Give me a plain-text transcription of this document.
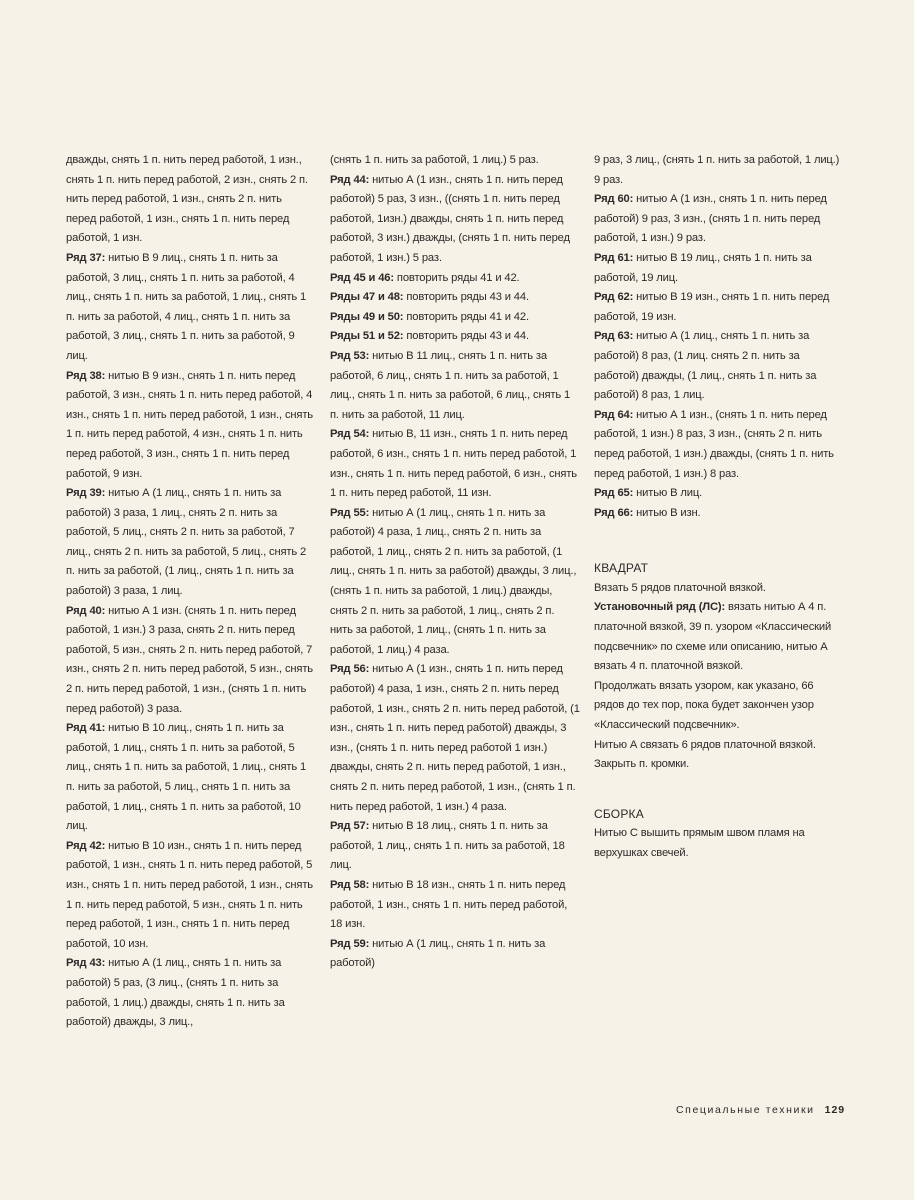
дважды, снять 1 п. нить перед работой, 1 изн., снять 1 п. нить перед работой, 2 изн., снять 2 п. нить перед работой, 1 изн., снять 2 п. нить перед работой, 1 изн., снять 1 п. нить перед работой, 1 изн.

Ряд 37: нитью В 9 лиц., снять 1 п. нить за работой, 3 лиц., снять 1 п. нить за работой, 4 лиц., снять 1 п. нить за работой, 1 лиц., снять 1 п. нить за работой, 4 лиц., снять 1 п. нить за работой, 3 лиц., снять 1 п. нить за работой, 9 лиц.

Ряд 38: нитью В 9 изн., снять 1 п. нить перед работой, 3 изн., снять 1 п. нить перед работой, 4 изн., снять 1 п. нить перед работой, 1 изн., снять 1 п. нить перед работой, 4 изн., снять 1 п. нить перед работой, 3 изн., снять 1 п. нить перед работой, 9 изн.

Ряд 39: нитью А (1 лиц., снять 1 п. нить за работой) 3 раза, 1 лиц., снять 2 п. нить за работой, 5 лиц., снять 2 п. нить за работой, 7 лиц., снять 2 п. нить за работой, 5 лиц., снять 2 п. нить за работой, (1 лиц., снять 1 п. нить за работой) 3 раза, 1 лиц.

Ряд 40: нитью А 1 изн. (снять 1 п. нить перед работой, 1 изн.) 3 раза, снять 2 п. нить перед работой, 5 изн., снять 2 п. нить перед работой, 7 изн., снять 2 п. нить перед работой, 5 изн., снять 2 п. нить перед работой, 1 изн., (снять 1 п. нить перед работой) 3 раза.

Ряд 41: нитью В 10 лиц., снять 1 п. нить за работой, 1 лиц., снять 1 п. нить за работой, 5 лиц., снять 1 п. нить за работой, 1 лиц., снять 1 п. нить за работой, 5 лиц., снять 1 п. нить за работой, 1 лиц., снять 1 п. нить за работой, 10 лиц.

Ряд 42: нитью В 10 изн., снять 1 п. нить перед работой, 1 изн., снять 1 п. нить перед работой, 5 изн., снять 1 п. нить перед работой, 1 изн., снять 1 п. нить перед работой, 5 изн., снять 1 п. нить перед работой, 1 изн., снять 1 п. нить перед работой, 10 изн.

Ряд 43: нитью А (1 лиц., снять 1 п. нить за работой) 5 раз, (3 лиц., (снять 1 п. нить за работой, 1 лиц.) дважды, снять 1 п. нить за работой) дважды, 3 лиц.,

(снять 1 п. нить за работой, 1 лиц.) 5 раз.

Ряд 44: нитью А (1 изн., снять 1 п. нить перед работой) 5 раз, 3 изн., ((снять 1 п. нить перед работой, 1изн.) дважды, снять 1 п. нить перед работой, 3 изн.) дважды, (снять 1 п. нить перед работой, 1 изн.) 5 раз.

Ряд 45 и 46: повторить ряды 41 и 42.

Ряды 47 и 48: повторить ряды 43 и 44.

Ряды 49 и 50: повторить ряды 41 и 42.

Ряды 51 и 52: повторить ряды 43 и 44.

Ряд 53: нитью В 11 лиц., снять 1 п. нить за работой, 6 лиц., снять 1 п. нить за работой, 1 лиц., снять 1 п. нить за работой, 6 лиц., снять 1 п. нить за работой, 11 лиц.

Ряд 54: нитью В, 11 изн., снять 1 п. нить перед работой, 6 изн., снять 1 п. нить перед работой, 1 изн., снять 1 п. нить перед работой, 6 изн., снять 1 п. нить перед работой, 11 изн.

Ряд 55: нитью А (1 лиц., снять 1 п. нить за работой) 4 раза, 1 лиц., снять 2 п. нить за работой, 1 лиц., снять 2 п. нить за работой, (1 лиц., снять 1 п. нить за работой) дважды, 3 лиц., (снять 1 п. нить за работой, 1 лиц.) дважды, снять 2 п. нить за работой, 1 лиц., снять 2 п. нить за работой, 1 лиц., (снять 1 п. нить за работой, 1 лиц.) 4 раза.

Ряд 56: нитью А (1 изн., снять 1 п. нить перед работой) 4 раза, 1 изн., снять 2 п. нить перед работой, 1 изн., снять 2 п. нить перед работой, (1 изн., снять 1 п. нить перед работой) дважды, 3 изн., (снять 1 п. нить перед работой 1 изн.) дважды, снять 2 п. нить перед работой, 1 изн., снять 2 п. нить перед работой, 1 изн., (снять 1 п. нить перед работой, 1 изн.) 4 раза.

Ряд 57: нитью В 18 лиц., снять 1 п. нить за работой, 1 лиц., снять 1 п. нить за работой, 18 лиц.

Ряд 58: нитью В 18 изн., снять 1 п. нить перед работой, 1 изн., снять 1 п. нить перед работой, 18 изн.

Ряд 59: нитью А (1 лиц., снять 1 п. нить за работой)

9 раз, 3 лиц., (снять 1 п. нить за работой, 1 лиц.) 9 раз.

Ряд 60: нитью А (1 изн., снять 1 п. нить перед работой) 9 раз, 3 изн., (снять 1 п. нить перед работой, 1 изн.) 9 раз.

Ряд 61: нитью В 19 лиц., снять 1 п. нить за работой, 19 лиц.

Ряд 62: нитью В 19 изн., снять 1 п. нить перед работой, 19 изн.

Ряд 63: нитью А (1 лиц., снять 1 п. нить за работой) 8 раз, (1 лиц. снять 2 п. нить за работой) дважды, (1 лиц., снять 1 п. нить за работой) 8 раз, 1 лиц.

Ряд 64: нитью А 1 изн., (снять 1 п. нить перед работой, 1 изн.) 8 раз, 3 изн., (снять 2 п. нить перед работой, 1 изн.) дважды, (снять 1 п. нить перед работой, 1 изн.) 8 раз.

Ряд 65: нитью В лиц.

Ряд 66: нитью В изн.

КВАДРАТ

Вязать 5 рядов платочной вязкой.

Установочный ряд (ЛС): вязать нитью А 4 п. платочной вязкой, 39 п. узором «Классический подсвечник» по схеме или описанию, нитью А вязать 4 п. платочной вязкой.

Продолжать вязать узором, как указано, 66 рядов до тех пор, пока будет закончен узор «Классический подсвечник».

Нитью А связать 6 рядов платочной вязкой.

Закрыть п. кромки.

СБОРКА

Нитью С вышить прямым швом пламя на верхушках свечей.

Специальные техники 129
